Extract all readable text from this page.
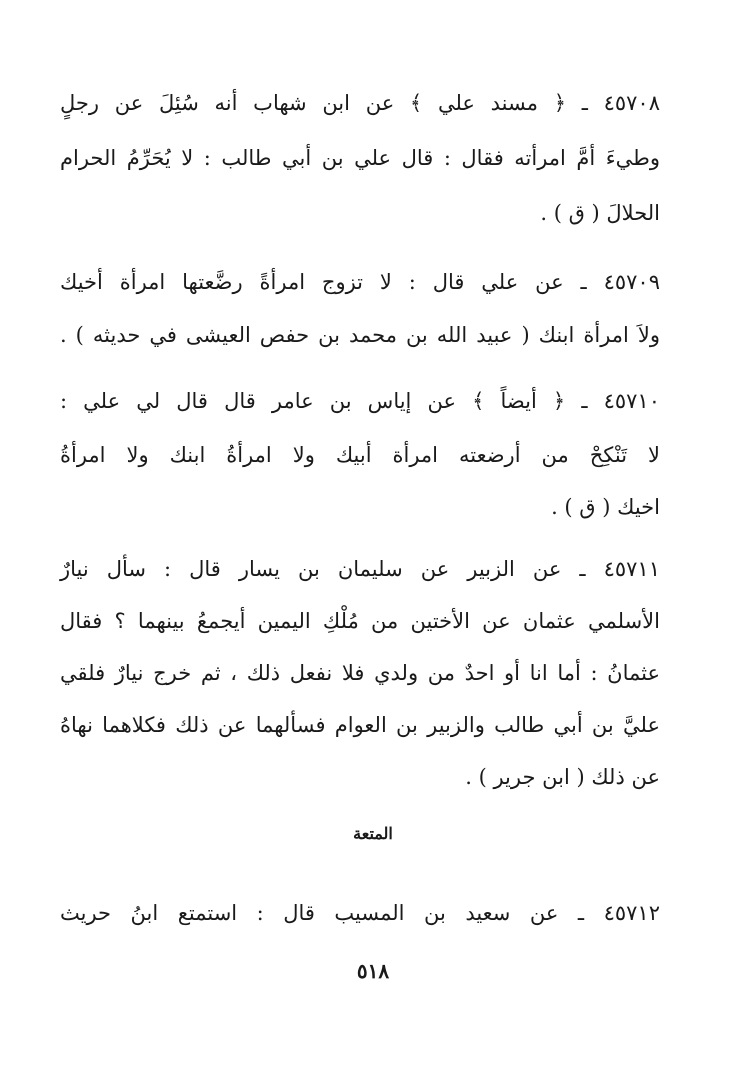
٤٥٧٠٨ ـ ﴿ مسند علي ﴾ عن ابن شهاب أنه سُئِلَ عن رجلٍ
وطيءَ أمَّ امرأته فقال : قال علي بن أبي طالب : لا يُحَرِّمُ الحرام
الحلالَ ( ق ) .
٤٥٧٠٩ ـ عن علي قال : لا تزوج امرأةً رضَّعتها امرأة أخيك
ولاَ امرأة ابنك ( عبيد الله بن محمد بن حفص العيشى في حديثه ) .
٤٥٧١٠ ـ ﴿ أيضاً ﴾ عن إياس بن عامر قال قال لي علي :
لا تَنْكِحْ من أرضعته امرأة أبيك ولا امرأةُ ابنك ولا امرأةُ
اخيك ( ق ) .
٤٥٧١١ ـ عن الزبير عن سليمان بن يسار قال : سأل نيارٌ
الأسلمي عثمان عن الأختين من مُلْكِ اليمين أيجمعُ بينهما ؟ فقال
عثمانُ : أما انا أو احدٌ من ولدي فلا نفعل ذلك ، ثم خرج نيارٌ فلقي
عليَّ بن أبي طالب والزبير بن العوام فسألهما عن ذلك فكلاهما نهاهُ
عن ذلك ( ابن جرير ) .
المتعة
٤٥٧١٢ ـ عن سعيد بن المسيب قال : استمتع ابنُ حريث
٥١٨
